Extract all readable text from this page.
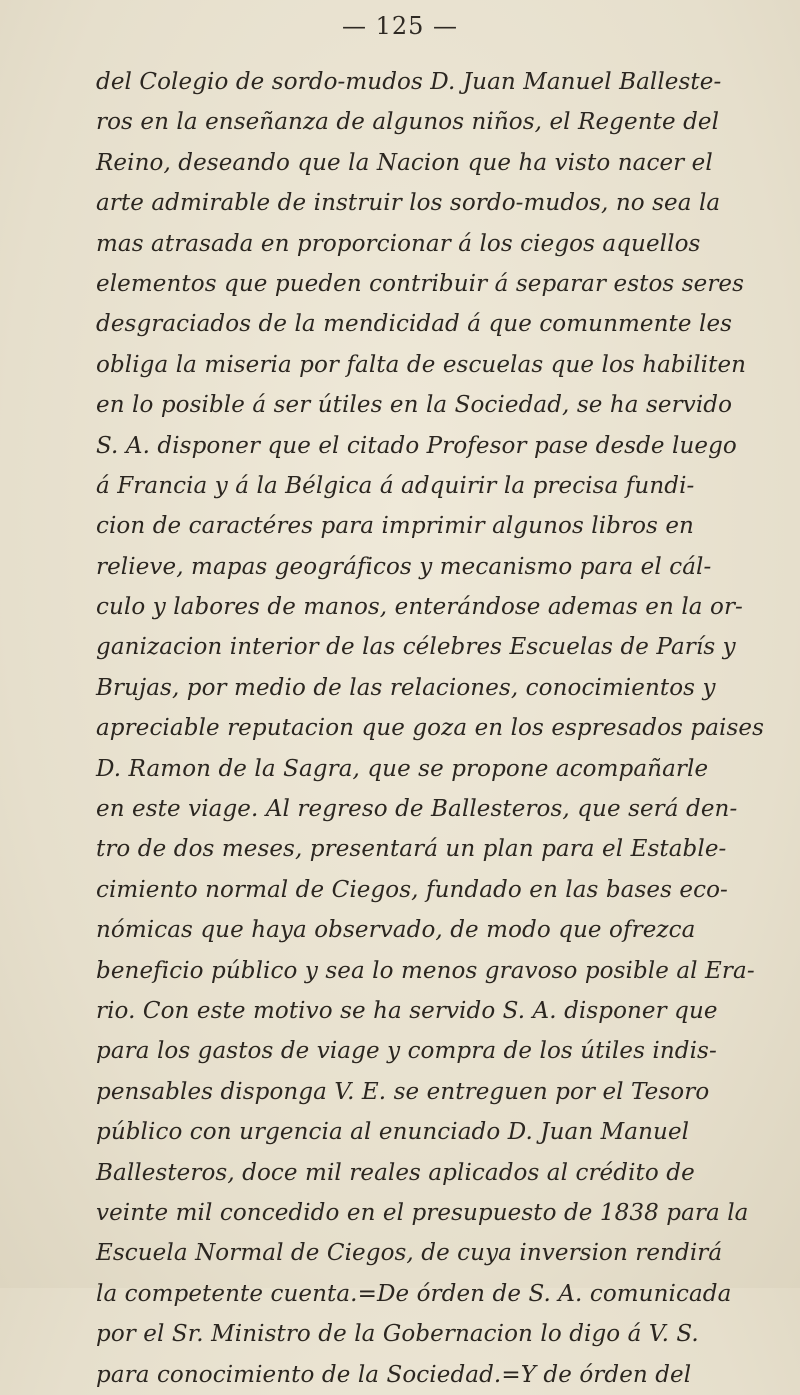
— 125 —
del Colegio de sordo-mudos D. Juan Manuel Balleste-
ros en la enseñanza de algunos niños, el Regente del
Reino, deseando que la Nacion que ha visto nacer el
arte admirable de instruir los sordo-mudos, no sea la
mas atrasada en proporcionar á los ciegos aquellos
elementos que pueden contribuir á separar estos seres
desgraciados de la mendicidad á que comunmente les
obliga la miseria por falta de escuelas que los habiliten
en lo posible á ser útiles en la Sociedad, se ha servido
S. A. disponer que el citado Profesor pase desde luego
á Francia y á la Bélgica á adquirir la precisa fundi-
cion de caractéres para imprimir algunos libros en
relieve, mapas geográficos y mecanismo para el cál-
culo y labores de manos, enterándose ademas en la or-
ganizacion interior de las célebres Escuelas de París y
Brujas, por medio de las relaciones, conocimientos y
apreciable reputacion que goza en los espresados paises
D. Ramon de la Sagra, que se propone acompañarle
en este viage. Al regreso de Ballesteros, que será den-
tro de dos meses, presentará un plan para el Estable-
cimiento normal de Ciegos, fundado en las bases eco-
nómicas que haya observado, de modo que ofrezca
beneficio público y sea lo menos gravoso posible al Era-
rio. Con este motivo se ha servido S. A. disponer que
para los gastos de viage y compra de los útiles indis-
pensables disponga V. E. se entreguen por el Tesoro
público con urgencia al enunciado D. Juan Manuel
Ballesteros, doce mil reales aplicados al crédito de
veinte mil concedido en el presupuesto de 1838 para la
Escuela Normal de Ciegos, de cuya inversion rendirá
la competente cuenta.=De órden de S. A. comunicada
por el Sr. Ministro de la Gobernacion lo digo á V. S.
para conocimiento de la Sociedad.=Y de órden del
